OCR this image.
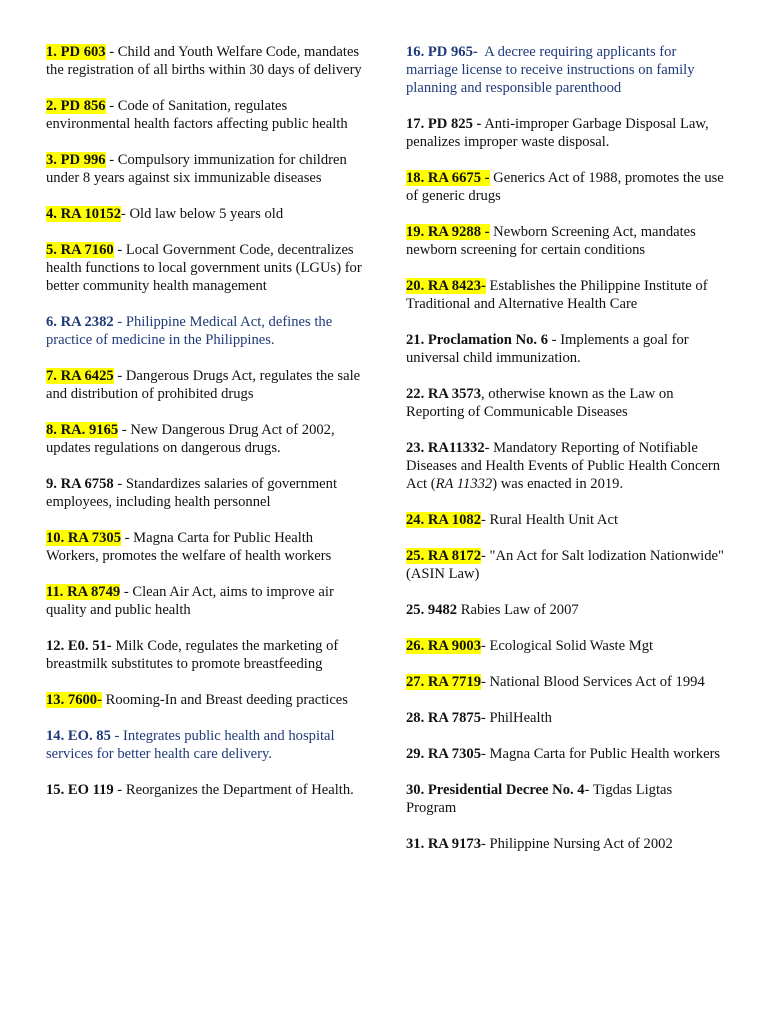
1. PD 603 - Child and Youth Welfare Code, mandates the registration of all births within 30 days of delivery

2. PD 856 - Code of Sanitation, regulates environmental health factors affecting public health

3. PD 996 - Compulsory immunization for children under 8 years against six immunizable diseases

4. RA 10152- Old law below 5 years old

5. RA 7160 - Local Government Code, decentralizes health functions to local government units (LGUs) for better community health management

6. RA 2382 - Philippine Medical Act, defines the practice of medicine in the Philippines.

7. RA 6425 - Dangerous Drugs Act, regulates the sale and distribution of prohibited drugs

8. RA. 9165 - New Dangerous Drug Act of 2002, updates regulations on dangerous drugs.

9. RA 6758 - Standardizes salaries of government employees, including health personnel

10. RA 7305 - Magna Carta for Public Health Workers, promotes the welfare of health workers

11. RA 8749 - Clean Air Act, aims to improve air quality and public health

12. E0. 51- Milk Code, regulates the marketing of breastmilk substitutes to promote breastfeeding

13. 7600- Rooming-In and Breast deeding practices

14. EO. 85 - Integrates public health and hospital services for better health care delivery.

15. EO 119 - Reorganizes the Department of Health.

16. PD 965- A decree requiring applicants for marriage license to receive instructions on family planning and responsible parenthood

17. PD 825 - Anti-improper Garbage Disposal Law, penalizes improper waste disposal.

18. RA 6675 - Generics Act of 1988, promotes the use of generic drugs

19. RA 9288 - Newborn Screening Act, mandates newborn screening for certain conditions

20. RA 8423- Establishes the Philippine Institute of Traditional and Alternative Health Care

21. Proclamation No. 6 - Implements a goal for universal child immunization.

22. RA 3573, otherwise known as the Law on Reporting of Communicable Diseases

23. RA11332- Mandatory Reporting of Notifiable Diseases and Health Events of Public Health Concern Act (RA 11332) was enacted in 2019.

24. RA 1082- Rural Health Unit Act

25. RA 8172- "An Act for Salt lodization Nationwide" (ASIN Law)

25. 9482 Rabies Law of 2007

26. RA 9003- Ecological Solid Waste Mgt

27. RA 7719- National Blood Services Act of 1994

28. RA 7875- PhilHealth

29. RA 7305- Magna Carta for Public Health workers

30. Presidential Decree No. 4- Tigdas Ligtas Program

31. RA 9173- Philippine Nursing Act of 2002
